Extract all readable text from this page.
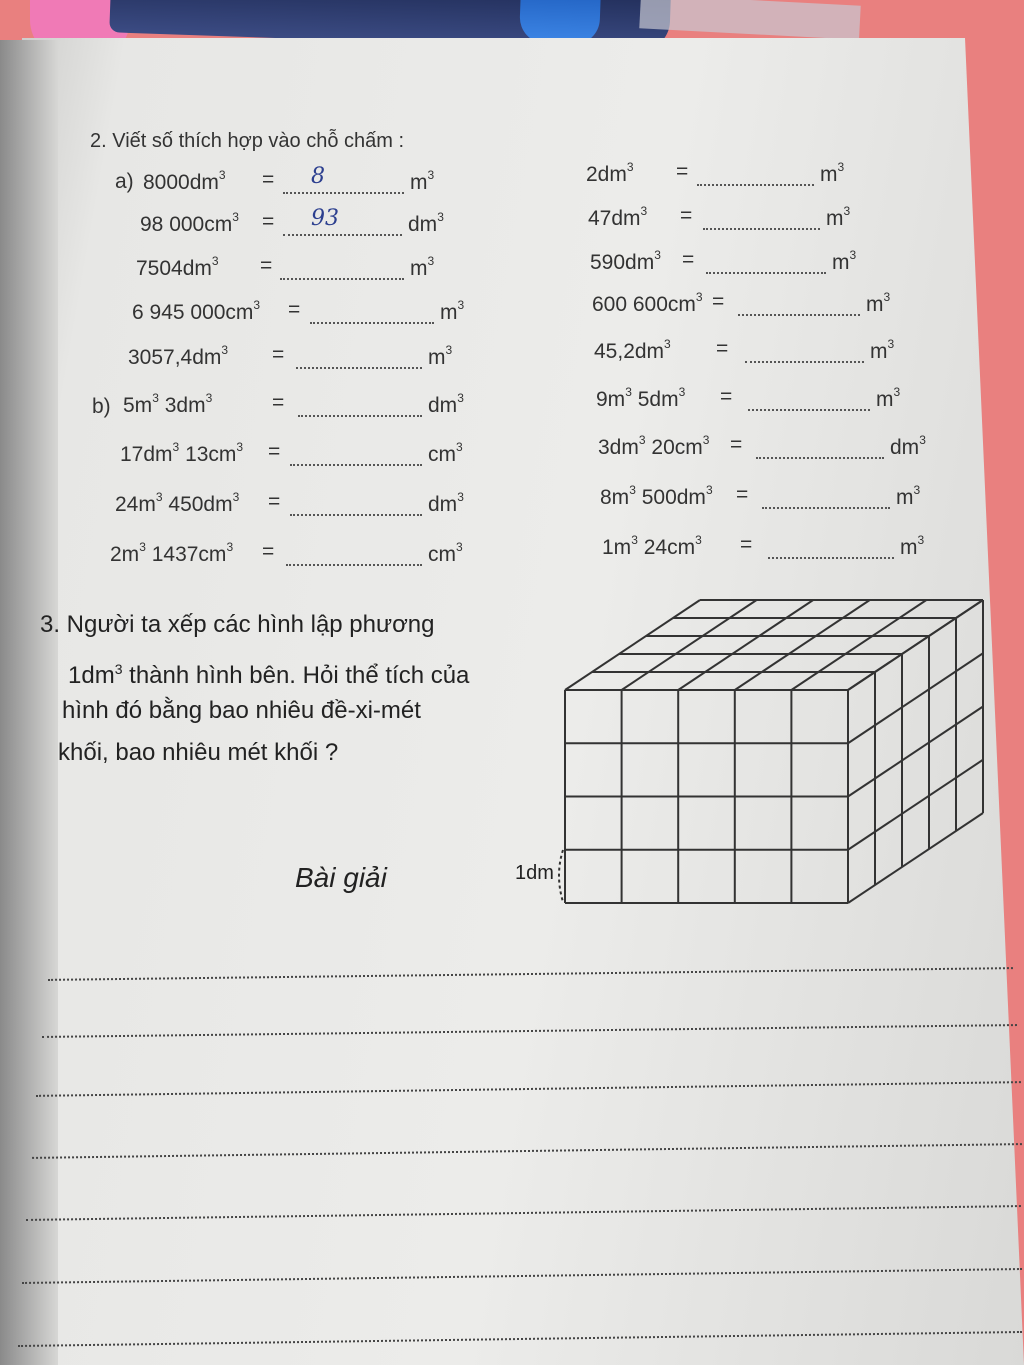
2. Viết số thích hợp vào chỗ chấm :
a)
b)
$8000dm^3 = 8$	$m^3$
98 $000cm^3 = 93$	$dm^3$
$7504dm^3$ =	$m^3$
6 945 $000cm^3$ =	$m^3$
$3057,4dm^3$ =	$m^3$
$5m^3$ $3dm^3$	=	$dm^3$
$17dm^3$ $13cm^3$ =	$cm^3$
$24m^3$ $450dm^3$ =	$dm^3$
$2m^3$ $1437cm^3$ =	$cm^3$
$2dm^3$ =	$m^3$
$47dm^3$ =	$m^3$
$590dm^3$ =	$m^3$
600 $600cm^3$ =	$m^3$
$45,2dm^3$ =	$m^3$
$9m^3$ $5dm^3$ =	$m^3$
$3dm^3$ $20cm^3$ =	$dm^3$
$8m^3$ $500dm^3$ =	$m^3$
$1m^3$ $24cm^3$ =	$m^3$
3. Người ta xếp các hình lập phương
$1dm^3$ thành hình bên. Hỏi thể tích của
hình đó bằng bao nhiêu đề-xi-mét
khối, bao nhiêu mét khối ?
Bài giải	1dm
